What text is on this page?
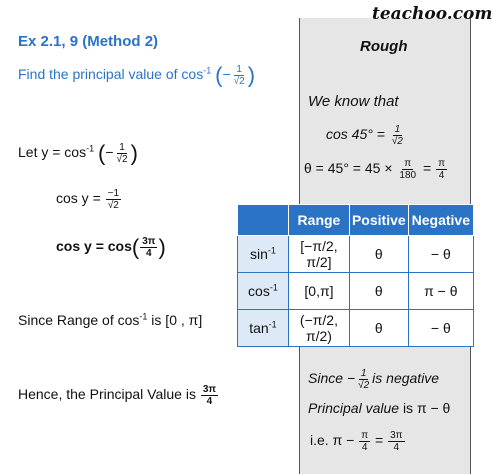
Rough
We know that
$\cos 45^\circ = \frac{1}{√2}$
$\theta = 45^\circ = 45 \times \frac{\pi}{180} = \frac{\pi}{4}$
Since − $\frac{1}{√2}$ is negative
Principal value is π − θ
i.e. $\pi - \frac{\pi}{4} = \frac{3\pi}{4}$
teachoo.com
Ex 2.1, 9 (Method 2)
Find the principal value of $\cos^{-1}$ (− $\frac{1}{√2}$ )
Let $y = \cos^{-1}$ (− $\frac{1}{√2}$ )
$\cos y = \frac{-1}{√2}$
$\cos y = \cos( \frac{3\pi}{4}$ )
Since Range of $\cos^{-1}$ is [0 , π]
Hence, the Principal Value is $\frac{3\pi}{4}$
	Range	Positive	Negative
$\sin^{-1}$	[−π/2, π/2]	θ	− θ
$\cos^{-1}$	[0,π]	θ	π − θ
$\tan^{-1}$	(−π/2, π/2)	θ	− θ
